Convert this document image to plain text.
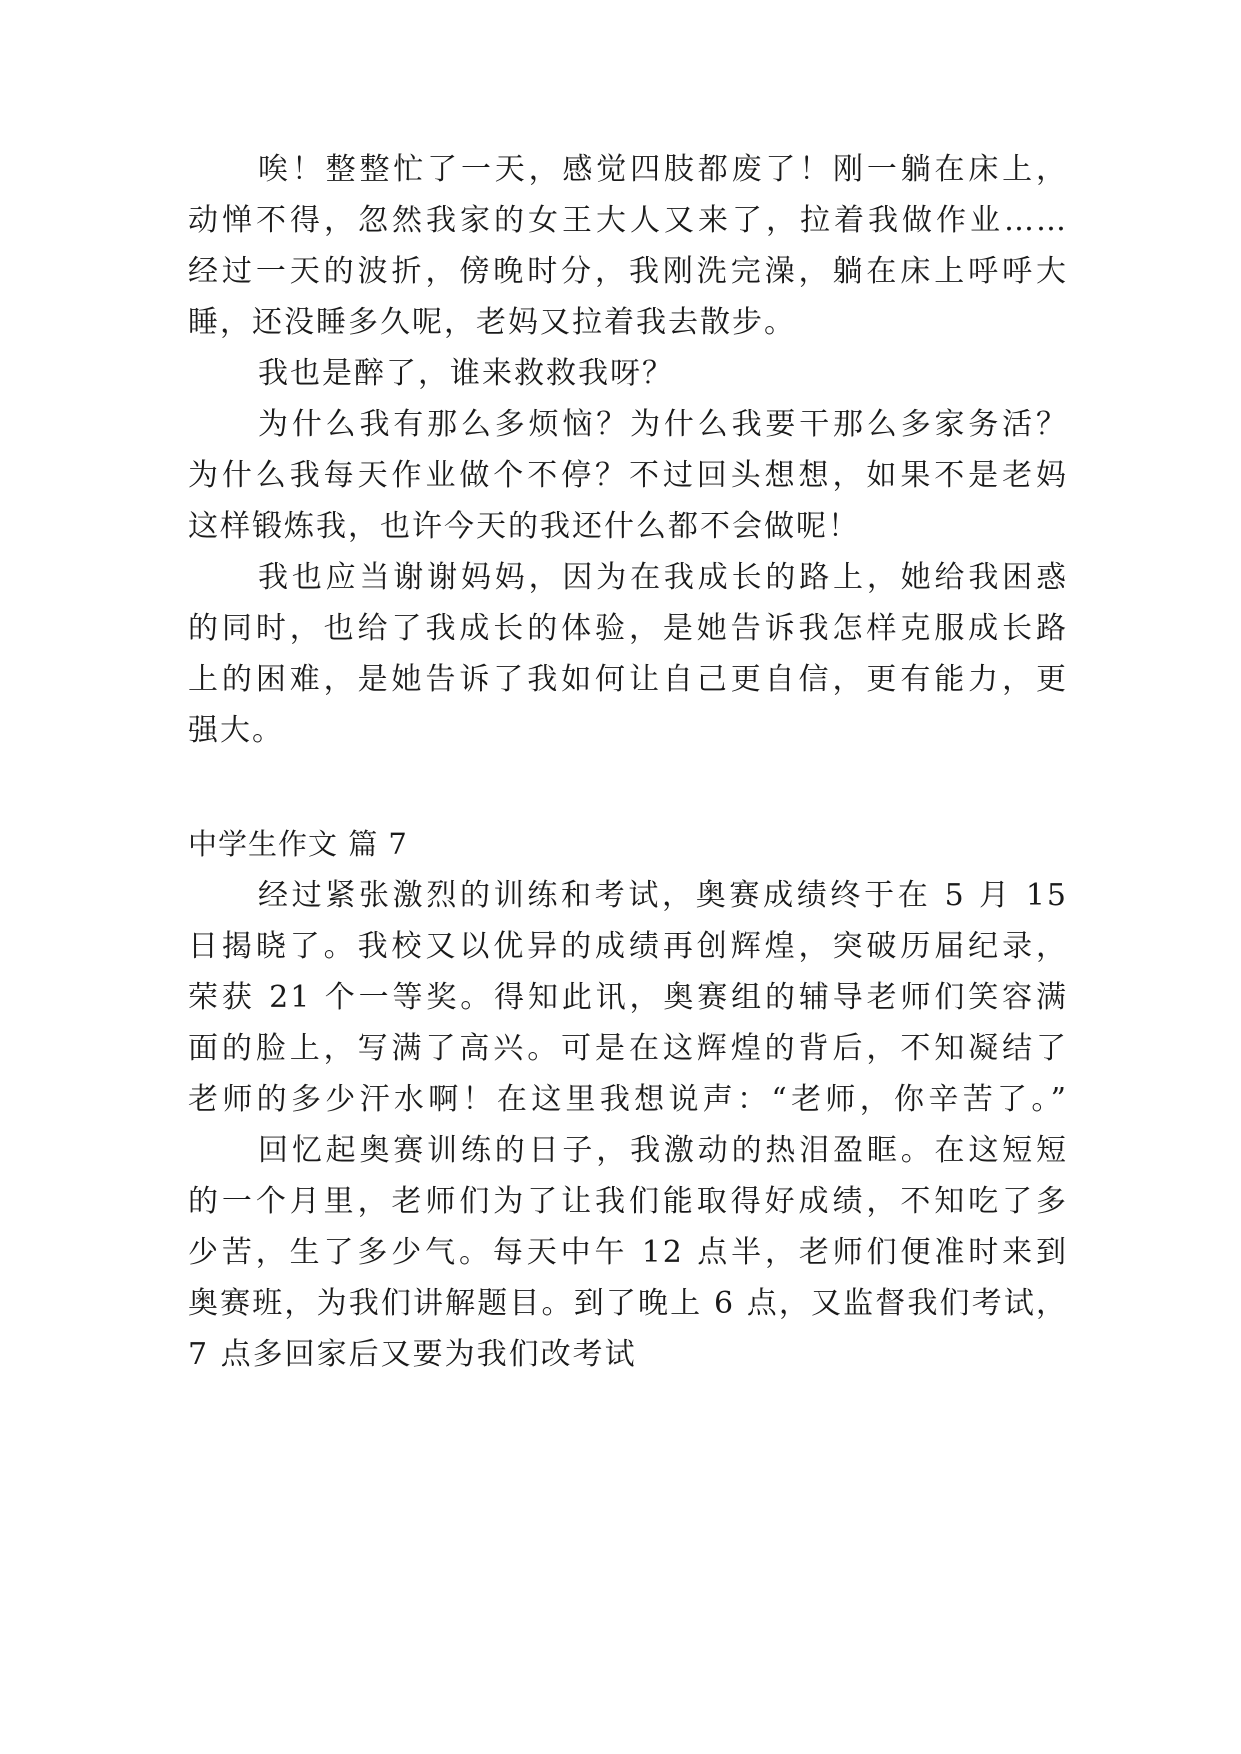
唉！整整忙了一天，感觉四肢都废了！刚一躺在床上，

动惮不得，忽然我家的女王大人又来了，拉着我做作业……

经过一天的波折，傍晚时分，我刚洗完澡，躺在床上呼呼大

睡，还没睡多久呢，老妈又拉着我去散步。

我也是醉了，谁来救救我呀？

为什么我有那么多烦恼？为什么我要干那么多家务活？

为什么我每天作业做个不停？不过回头想想，如果不是老妈

这样锻炼我，也许今天的我还什么都不会做呢！

我也应当谢谢妈妈，因为在我成长的路上，她给我困惑

的同时，也给了我成长的体验，是她告诉我怎样克服成长路

上的困难，是她告诉了我如何让自己更自信，更有能力，更

强大。

中学生作文 篇 7

经过紧张激烈的训练和考试，奥赛成绩终于在 5 月 15

日揭晓了。我校又以优异的成绩再创辉煌，突破历届纪录，

荣获 21 个一等奖。得知此讯，奥赛组的辅导老师们笑容满

面的脸上，写满了高兴。可是在这辉煌的背后，不知凝结了

老师的多少汗水啊！在这里我想说声：“老师，你辛苦了。”

回忆起奥赛训练的日子，我激动的热泪盈眶。在这短短

的一个月里，老师们为了让我们能取得好成绩，不知吃了多

少苦，生了多少气。每天中午 12 点半，老师们便准时来到

奥赛班，为我们讲解题目。到了晚上 6 点，又监督我们考试，

7 点多回家后又要为我们改考试
